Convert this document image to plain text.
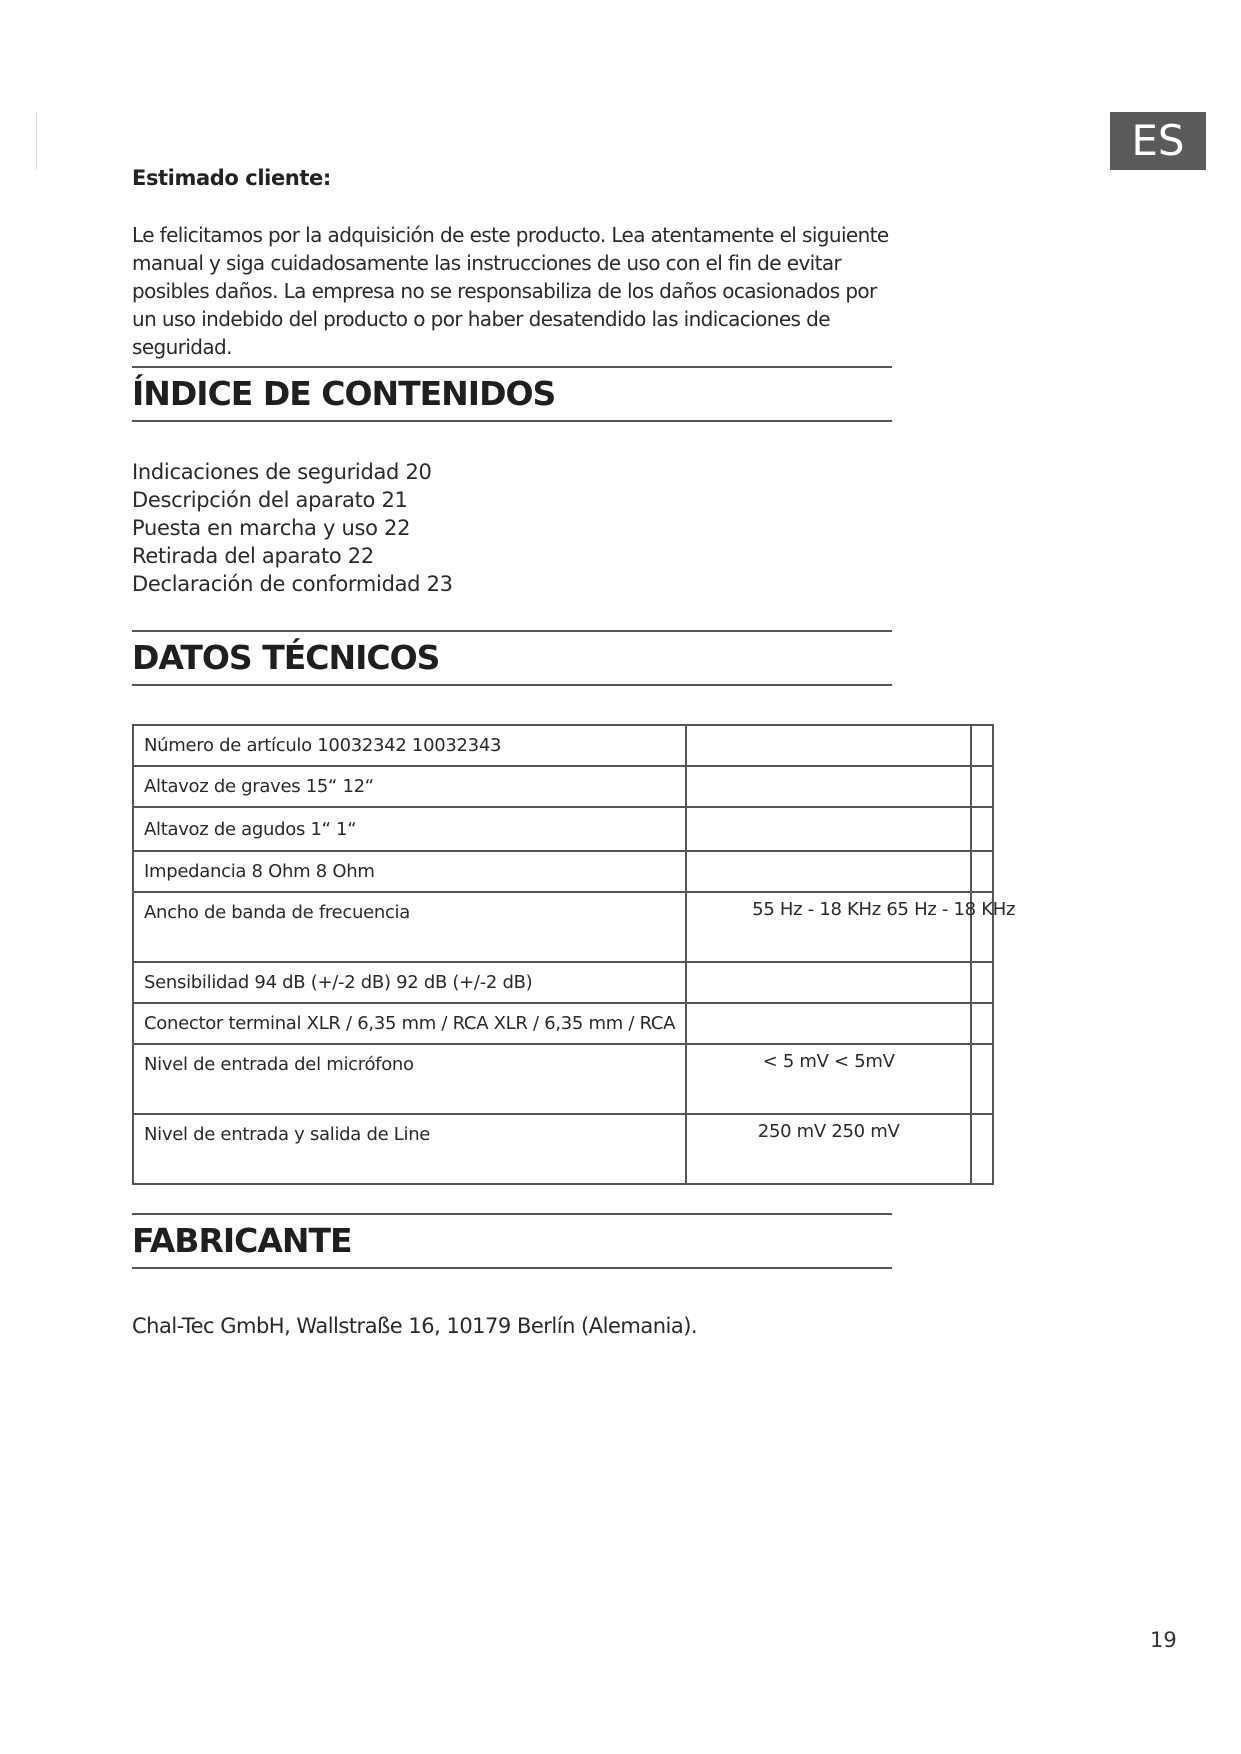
ES
Estimado cliente:

Le felicitamos por la adquisición de este producto. Lea atentamente el siguiente manual y siga cuidadosamente las instrucciones de uso con el fin de evitar posibles daños. La empresa no se responsabiliza de los daños ocasionados por un uso indebido del producto o por haber desatendido las indicaciones de seguridad.

ÍNDICE DE CONTENIDOS
Indicaciones de seguridad 20
Descripción del aparato 21
Puesta en marcha y uso 22
Retirada del aparato 22
Declaración de conformidad 23
DATOS TÉCNICOS
Número de artículo 10032342 10032343		
Altavoz de graves 15“ 12“		
Altavoz de agudos 1“ 1“		
Impedancia 8 Ohm 8 Ohm		
Ancho de banda de frecuencia	55 Hz - 18 KHz 65 Hz - 18 KHz	
Sensibilidad 94 dB (+/-2 dB) 92 dB (+/-2 dB)		
Conector terminal XLR / 6,35 mm / RCA XLR / 6,35 mm / RCA		
Nivel de entrada del micrófono	< 5 mV < 5mV	
Nivel de entrada y salida de Line	250 mV 250 mV	
FABRICANTE
Chal-Tec GmbH, Wallstraße 16, 10179 Berlín (Alemania).
19
